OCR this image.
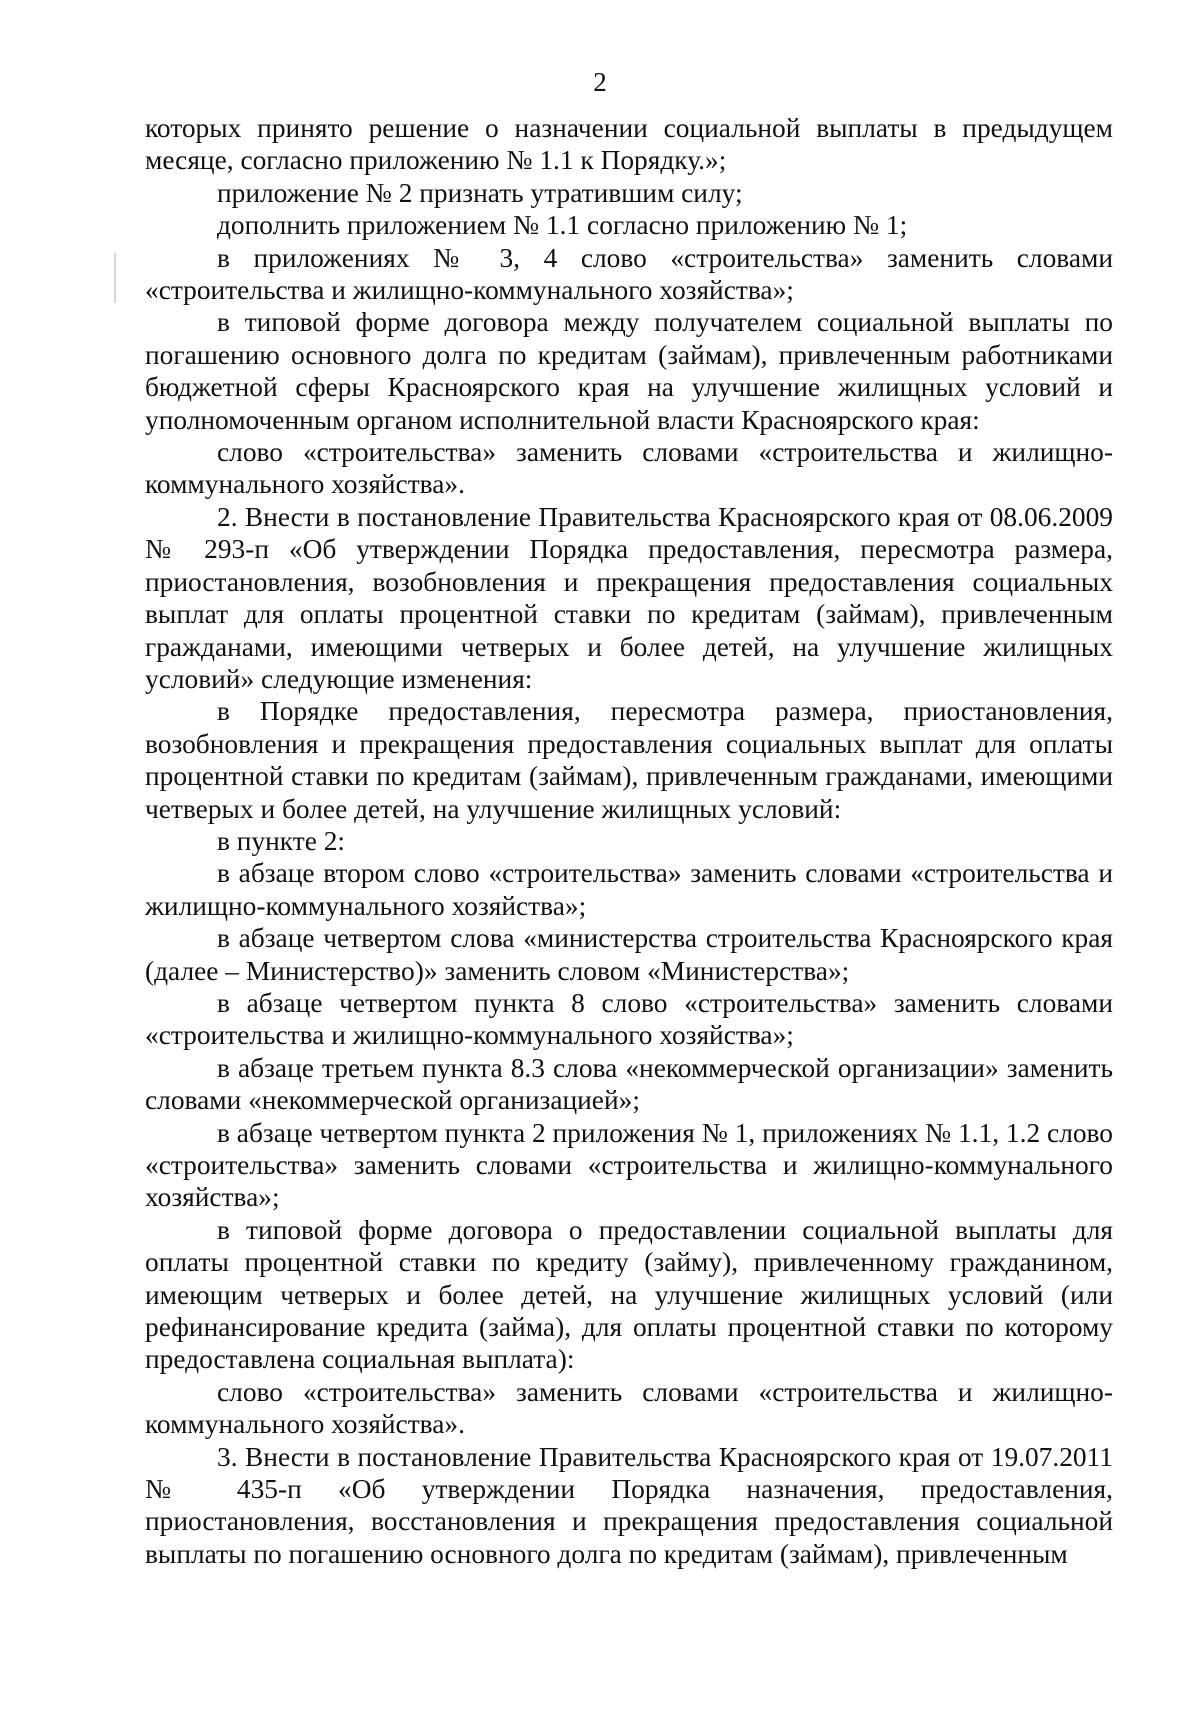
2

которых принято решение о назначении социальной выплаты в предыдущем месяце, согласно приложению № 1.1 к Порядку.»;

приложение № 2 признать утратившим силу;

дополнить приложением № 1.1 согласно приложению № 1;

в приложениях № 3, 4 слово «строительства» заменить словами «строительства и жилищно-коммунального хозяйства»;

в типовой форме договора между получателем социальной выплаты по погашению основного долга по кредитам (займам), привлеченным работниками бюджетной сферы Красноярского края на улучшение жилищных условий и уполномоченным органом исполнительной власти Красноярского края:

слово «строительства» заменить словами «строительства и жилищно-коммунального хозяйства».

2. Внести в постановление Правительства Красноярского края от 08.06.2009 № 293-п «Об утверждении Порядка предоставления, пересмотра размера, приостановления, возобновления и прекращения предоставления социальных выплат для оплаты процентной ставки по кредитам (займам), привлеченным гражданами, имеющими четверых и более детей, на улучшение жилищных условий» следующие изменения:

в Порядке предоставления, пересмотра размера, приостановления, возобновления и прекращения предоставления социальных выплат для оплаты процентной ставки по кредитам (займам), привлеченным гражданами, имеющими четверых и более детей, на улучшение жилищных условий:

в пункте 2:

в абзаце втором слово «строительства» заменить словами «строительства и жилищно-коммунального хозяйства»;

в абзаце четвертом слова «министерства строительства Красноярского края (далее – Министерство)» заменить словом «Министерства»;

в абзаце четвертом пункта 8 слово «строительства» заменить словами «строительства и жилищно-коммунального хозяйства»;

в абзаце третьем пункта 8.3 слова «некоммерческой организации» заменить словами «некоммерческой организацией»;

в абзаце четвертом пункта 2 приложения № 1, приложениях № 1.1, 1.2 слово «строительства» заменить словами «строительства и жилищно-коммунального хозяйства»;

в типовой форме договора о предоставлении социальной выплаты для оплаты процентной ставки по кредиту (займу), привлеченному гражданином, имеющим четверых и более детей, на улучшение жилищных условий (или рефинансирование кредита (займа), для оплаты процентной ставки по которому предоставлена социальная выплата):

слово «строительства» заменить словами «строительства и жилищно-коммунального хозяйства».

3. Внести в постановление Правительства Красноярского края от 19.07.2011 № 435-п «Об утверждении Порядка назначения, предоставления, приостановления, восстановления и прекращения предоставления социальной выплаты по погашению основного долга по кредитам (займам), привлеченным
